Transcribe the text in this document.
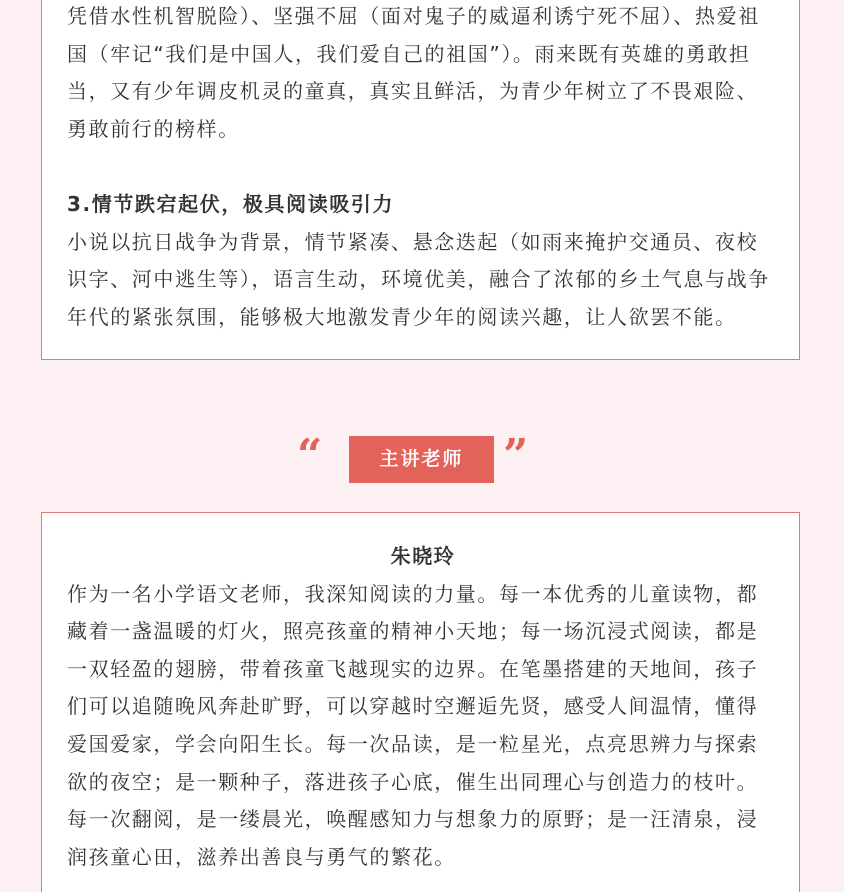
凭借水性机智脱险）、坚强不屈（面对鬼子的威逼利诱宁死不屈）、热爱祖国（牢记“我们是中国人，我们爱自己的祖国”）。雨来既有英雄的勇敢担当，又有少年调皮机灵的童真，真实且鲜活，为青少年树立了不畏艰险、勇敢前行的榜样。

3.情节跌宕起伏，极具阅读吸引力

小说以抗日战争为背景，情节紧凑、悬念迭起（如雨来掩护交通员、夜校识字、河中逃生等），语言生动，环境优美，融合了浓郁的乡土气息与战争年代的紧张氛围，能够极大地激发青少年的阅读兴趣，让人欲罢不能。

“	主讲老师 ”

朱晓玲

作为一名小学语文老师，我深知阅读的力量。每一本优秀的儿童读物，都藏着一盏温暖的灯火，照亮孩童的精神小天地；每一场沉浸式阅读，都是一双轻盈的翅膀，带着孩童飞越现实的边界。在笔墨搭建的天地间，孩子们可以追随晚风奔赴旷野，可以穿越时空邂逅先贤，感受人间温情，懂得爱国爱家，学会向阳生长。每一次品读，是一粒星光，点亮思辨力与探索欲的夜空；是一颗种子，落进孩子心底，催生出同理心与创造力的枝叶。每一次翻阅，是一缕晨光，唤醒感知力与想象力的原野；是一汪清泉，浸润孩童心田，滋养出善良与勇气的繁花。
